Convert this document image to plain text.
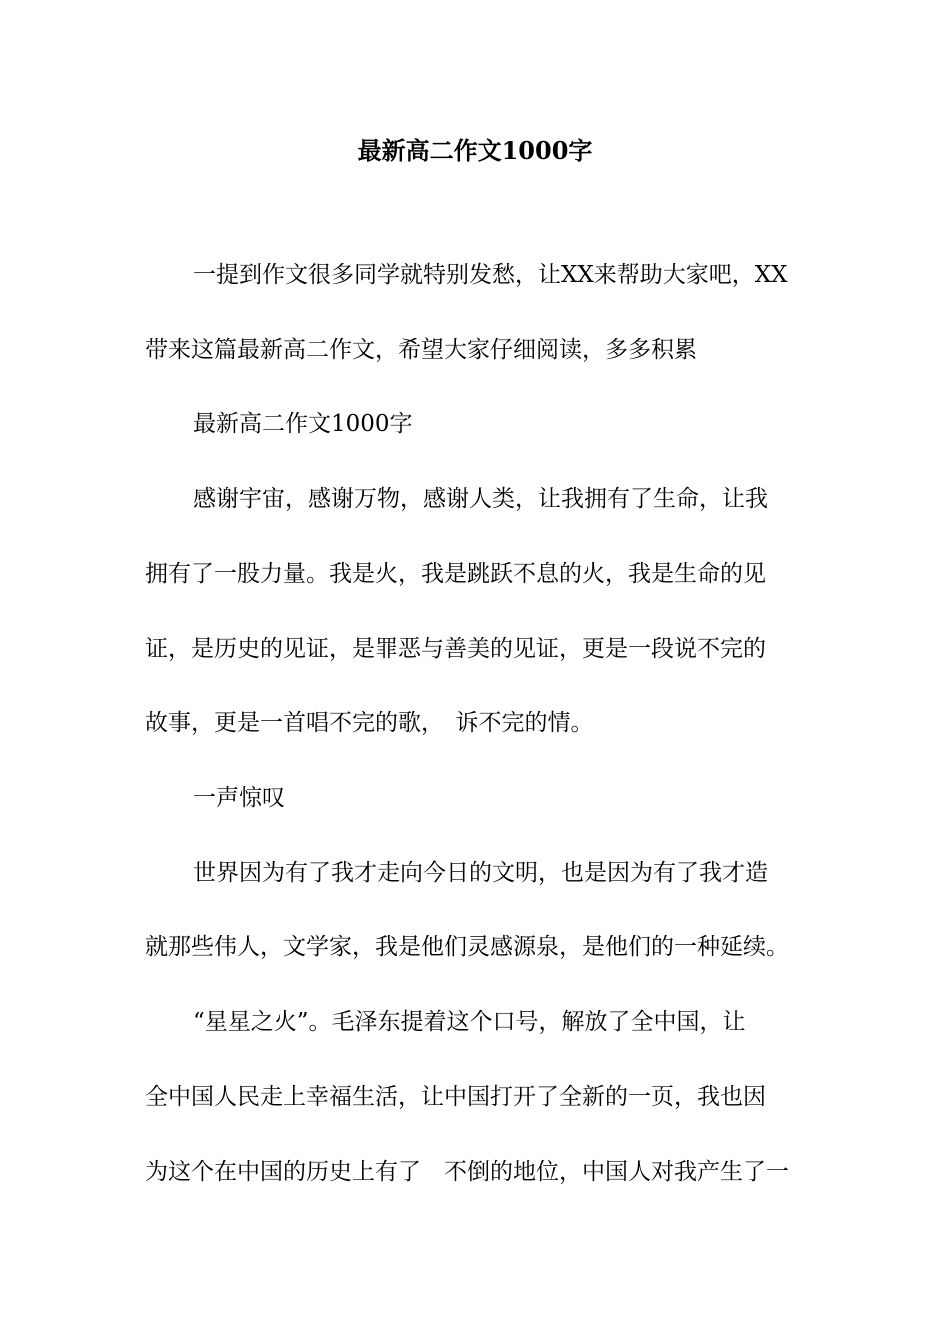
最新高二作文1000字
一提到作文很多同学就特别发愁，让XX来帮助大家吧，XX
带来这篇最新高二作文，希望大家仔细阅读，多多积累
最新高二作文1000字
感谢宇宙，感谢万物，感谢人类，让我拥有了生命，让我
拥有了一股力量。我是火，我是跳跃不息的火，我是生命的见
证，是历史的见证，是罪恶与善美的见证，更是一段说不完的
故事，更是一首唱不完的歌，　诉不完的情。
一声惊叹
世界因为有了我才走向今日的文明，也是因为有了我才造
就那些伟人，文学家，我是他们灵感源泉，是他们的一种延续。
“星星之火”。毛泽东提着这个口号，解放了全中国，让
全中国人民走上幸福生活，让中国打开了全新的一页，我也因
为这个在中国的历史上有了　不倒的地位，中国人对我产生了一
